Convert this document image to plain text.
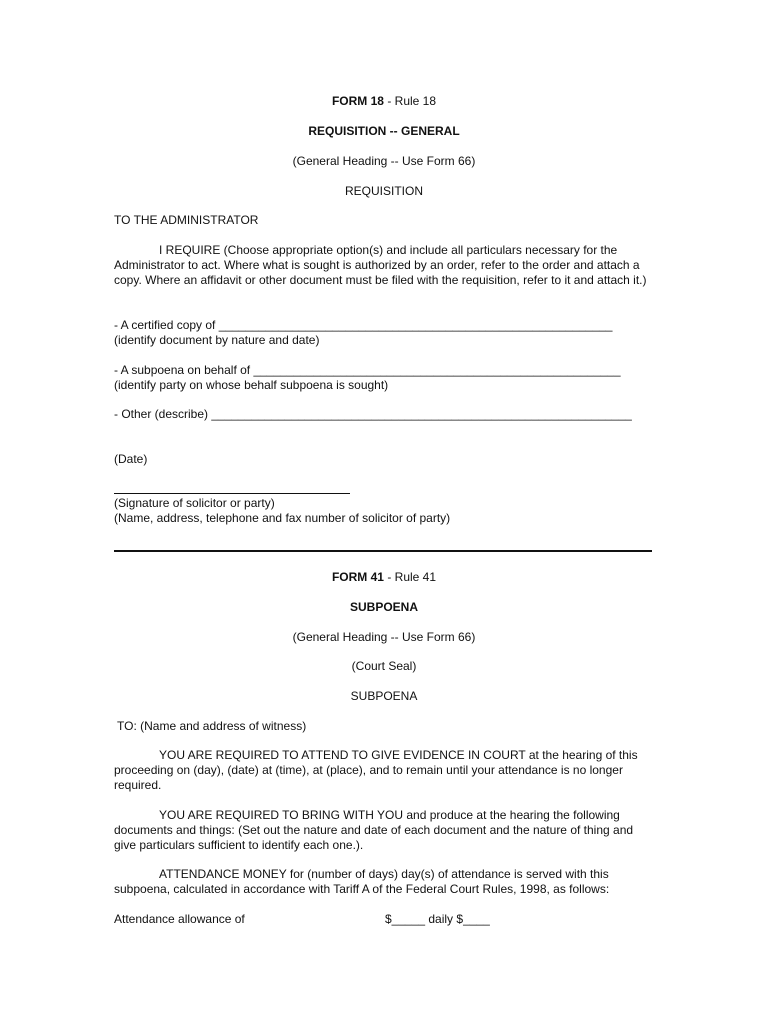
FORM 18 - Rule 18
REQUISITION -- GENERAL
(General Heading -- Use Form 66)
REQUISITION
TO THE ADMINISTRATOR
I REQUIRE (Choose appropriate option(s) and include all particulars necessary for the Administrator to act. Where what is sought is authorized by an order, refer to the order and attach a copy. Where an affidavit or other document must be filed with the requisition, refer to it and attach it.)
- A certified copy of ___________________________________________________________
(identify document by nature and date)
- A subpoena on behalf of _______________________________________________________
(identify party on whose behalf subpoena is sought)
- Other (describe) _______________________________________________________________
(Date)
(Signature of solicitor or party)
(Name, address, telephone and fax number of solicitor of party)
FORM 41 - Rule 41
SUBPOENA
(General Heading -- Use Form 66)
(Court Seal)
SUBPOENA
TO: (Name and address of witness)
YOU ARE REQUIRED TO ATTEND TO GIVE EVIDENCE IN COURT at the hearing of this proceeding on (day), (date) at (time), at (place), and to remain until your attendance is no longer required.
YOU ARE REQUIRED TO BRING WITH YOU and produce at the hearing the following documents and things: (Set out the nature and date of each document and the nature of thing and give particulars sufficient to identify each one.).
ATTENDANCE MONEY for (number of days) day(s) of attendance is served with this subpoena, calculated in accordance with Tariff A of the Federal Court Rules, 1998, as follows:
Attendance allowance of	$_____ daily $____
